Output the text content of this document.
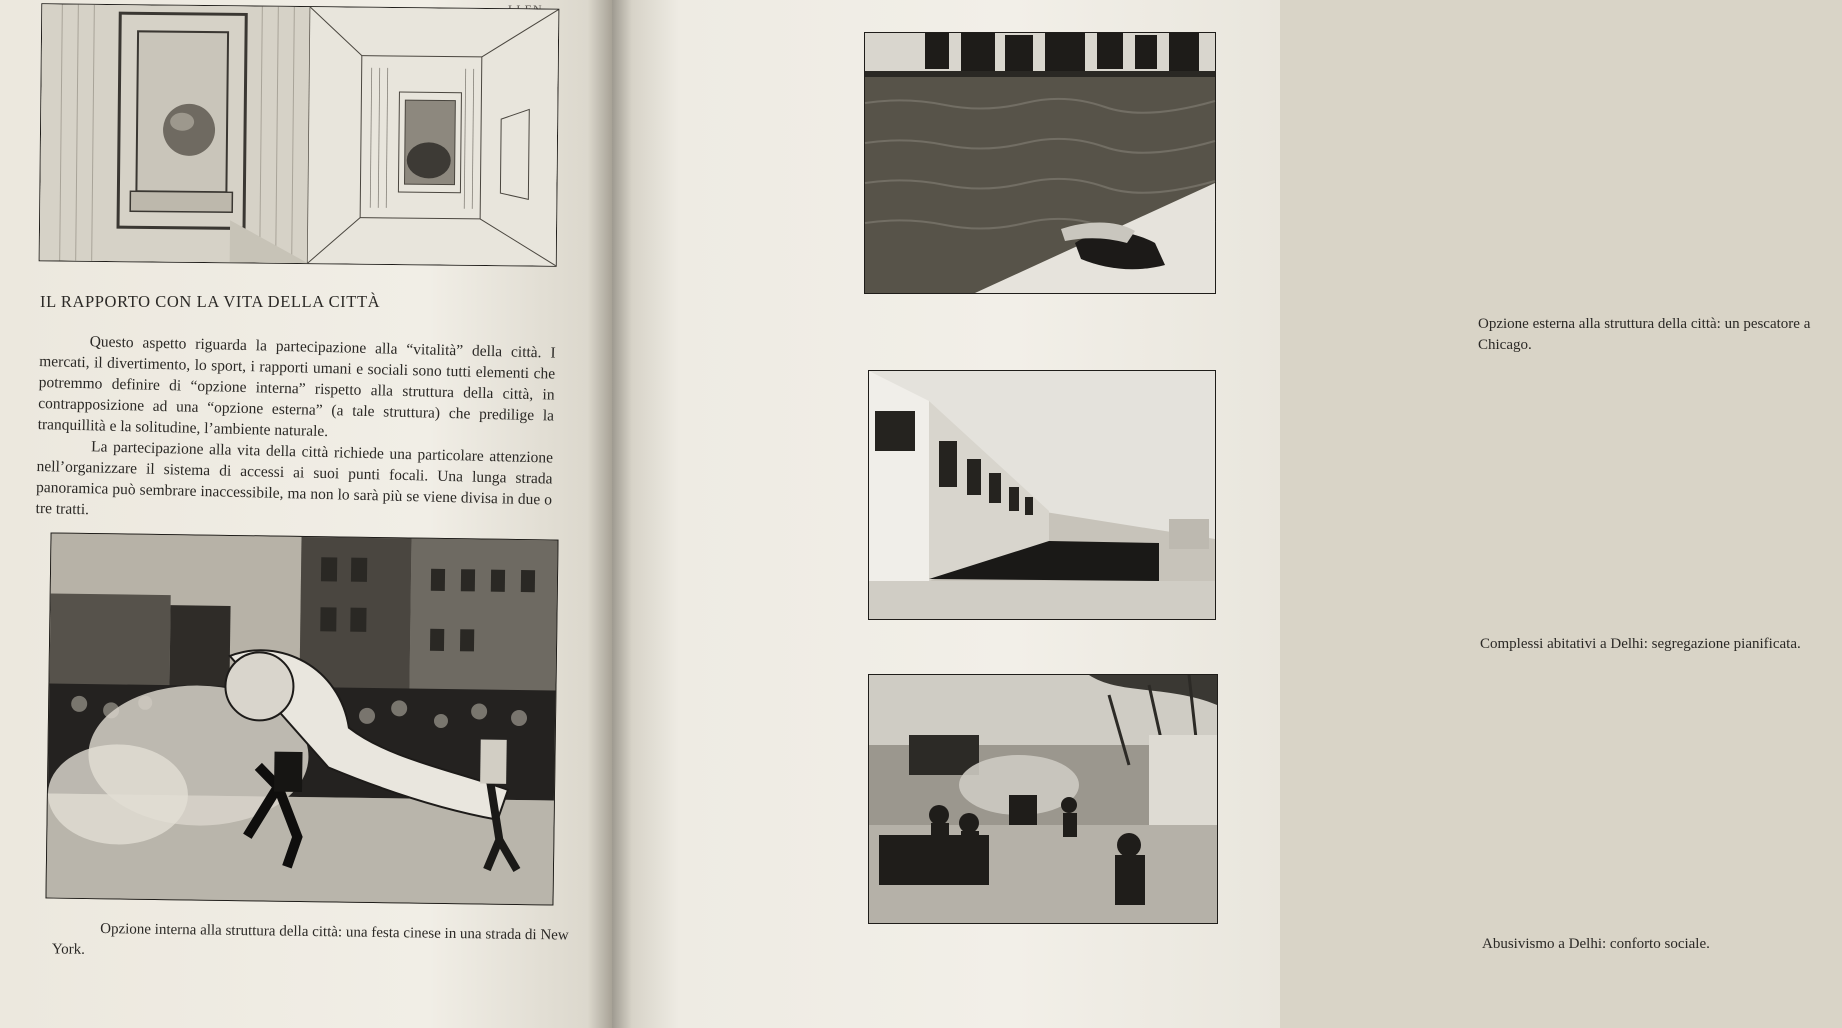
IL RAPPORTO CON LA VITA DELLA CITTÀ

Questo aspetto riguarda la partecipazione alla “vitalità” della città. I mercati, il divertimento, lo sport, i rapporti umani e sociali sono tutti elementi che potremmo definire di “opzione interna” rispetto alla struttura della città, in contrapposizione ad una “opzione esterna” (a tale struttura) che predilige la tranquillità e la solitudine, l’ambiente naturale.

La partecipazione alla vita della città richiede una particolare attenzione nell’organizzare il sistema di accessi ai suoi punti focali. Una lunga strada panoramica può sembrare inaccessibile, ma non lo sarà più se viene divisa in due o tre tratti.

Opzione interna alla struttura della città: una festa cinese in una strada di New York.

Opzione esterna alla struttura della città: un pescatore a Chicago.

Complessi abitativi a Delhi: segregazione pianificata.

Abusivismo a Delhi: conforto sociale.
